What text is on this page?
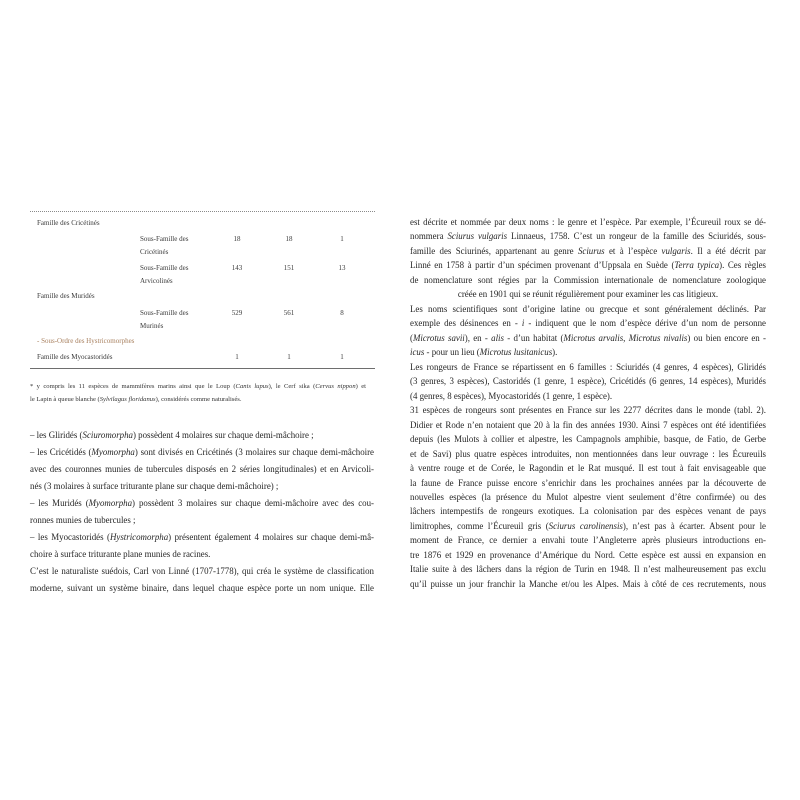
Famille des Cricétinés
Sous-Famille des
Cricétinés
18	18	1
Sous-Famille des
Arvicolinés
143	151	13
Famille des Muridés
Sous-Famille des
Murinés
529	561	8
- Sous-Ordre des Hystricomorphes
Famille des Myocastoridés	1	1	1
* y compris les 11 espèces de mammifères marins ainsi que le Loup (Canis lupus), le Cerf sika (Cervus nippon) et
le Lapin à queue blanche (Sylvilagus floridanus), considérés comme naturalisés.
– les Gliridés (Sciuromorpha) possèdent 4 molaires sur chaque demi-mâchoire ;
– les Cricétidés (Myomorpha) sont divisés en Cricétinés (3 molaires sur chaque demi-mâchoire
avec des couronnes munies de tubercules disposés en 2 séries longitudinales) et en Arvicoli-
nés (3 molaires à surface triturante plane sur chaque demi-mâchoire) ;
– les Muridés (Myomorpha) possèdent 3 molaires sur chaque demi-mâchoire avec des cou-
ronnes munies de tubercules ;
– les Myocastoridés (Hystricomorpha) présentent également 4 molaires sur chaque demi-mâ-
choire à surface triturante plane munies de racines.
C’est le naturaliste suédois, Carl von Linné (1707-1778), qui créa le système de classification
moderne, suivant un système binaire, dans lequel chaque espèce porte un nom unique. Elle
est décrite et nommée par deux noms : le genre et l’espèce. Par exemple, l’Écureuil roux se dé-
nommera Sciurus vulgaris Linnaeus, 1758. C’est un rongeur de la famille des Sciuridés, sous-
famille des Sciurinés, appartenant au genre Sciurus et à l’espèce vulgaris. Il a été décrit par
Linné en 1758 à partir d’un spécimen provenant d’Uppsala en Suède (Terra typica). Ces règles
de nomenclature sont régies par la Commission internationale de nomenclature zoologique
créée en 1901 qui se réunit régulièrement pour examiner les cas litigieux.
Les noms scientifiques sont d’origine latine ou grecque et sont généralement déclinés. Par
exemple des désinences en - i - indiquent que le nom d’espèce dérive d’un nom de personne
(Microtus savii), en - alis - d’un habitat (Microtus arvalis, Microtus nivalis) ou bien encore en -
icus - pour un lieu (Microtus lusitanicus).
Les rongeurs de France se répartissent en 6 familles : Sciuridés (4 genres, 4 espèces), Gliridés
(3 genres, 3 espèces), Castoridés (1 genre, 1 espèce), Cricétidés (6 genres, 14 espèces), Muridés
(4 genres, 8 espèces), Myocastoridés (1 genre, 1 espèce).
31 espèces de rongeurs sont présentes en France sur les 2277 décrites dans le monde (tabl. 2).
Didier et Rode n’en notaient que 20 à la fin des années 1930. Ainsi 7 espèces ont été identifiées
depuis (les Mulots à collier et alpestre, les Campagnols amphibie, basque, de Fatio, de Gerbe
et de Savi) plus quatre espèces introduites, non mentionnées dans leur ouvrage : les Écureuils
à ventre rouge et de Corée, le Ragondin et le Rat musqué. Il est tout à fait envisageable que
la faune de France puisse encore s’enrichir dans les prochaines années par la découverte de
nouvelles espèces (la présence du Mulot alpestre vient seulement d’être confirmée) ou des
lâchers intempestifs de rongeurs exotiques. La colonisation par des espèces venant de pays
limitrophes, comme l’Écureuil gris (Sciurus carolinensis), n’est pas à écarter. Absent pour le
moment de France, ce dernier a envahi toute l’Angleterre après plusieurs introductions en-
tre 1876 et 1929 en provenance d’Amérique du Nord. Cette espèce est aussi en expansion en
Italie suite à des lâchers dans la région de Turin en 1948. Il n’est malheureusement pas exclu
qu’il puisse un jour franchir la Manche et/ou les Alpes. Mais à côté de ces recrutements, nous
